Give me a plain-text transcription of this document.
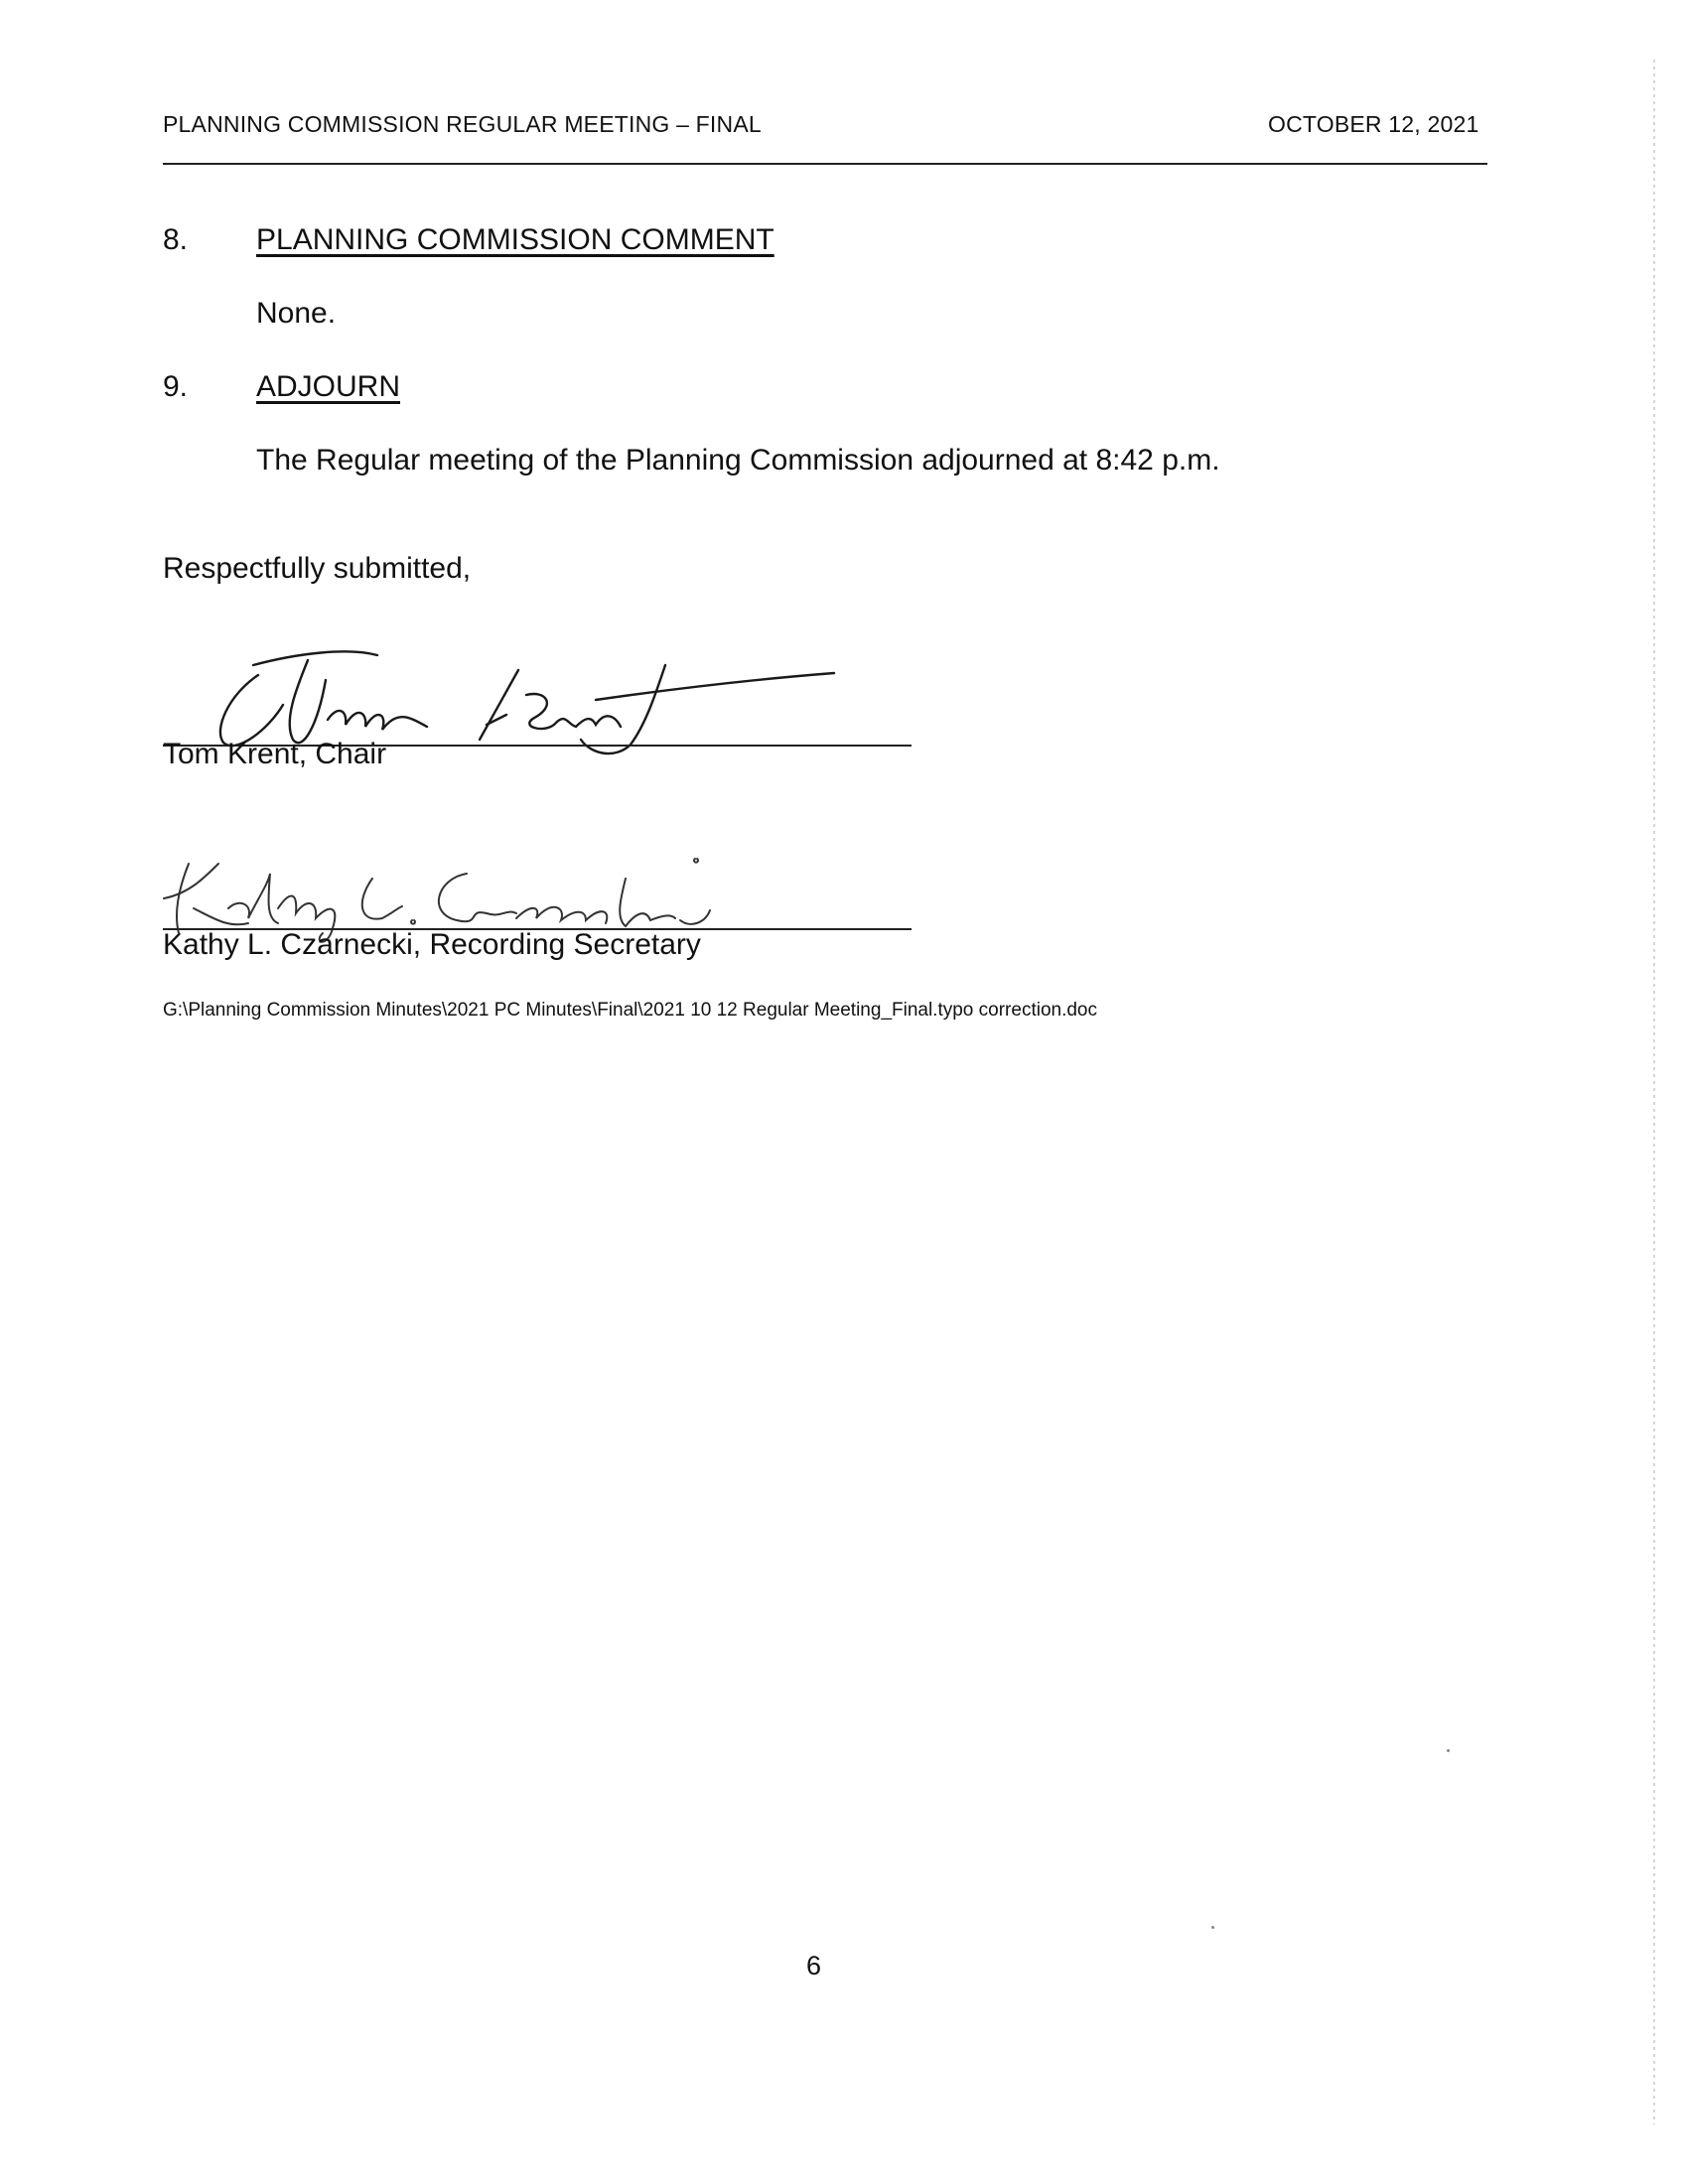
PLANNING COMMISSION REGULAR MEETING – FINAL	OCTOBER 12, 2021
8. PLANNING COMMISSION COMMENT
None.
9. ADJOURN
The Regular meeting of the Planning Commission adjourned at 8:42 p.m.
Respectfully submitted,
Tom Krent, Chair
Kathy L. Czarnecki, Recording Secretary
G:\Planning Commission Minutes\2021 PC Minutes\Final\2021 10 12 Regular Meeting_Final.typo correction.doc
6
